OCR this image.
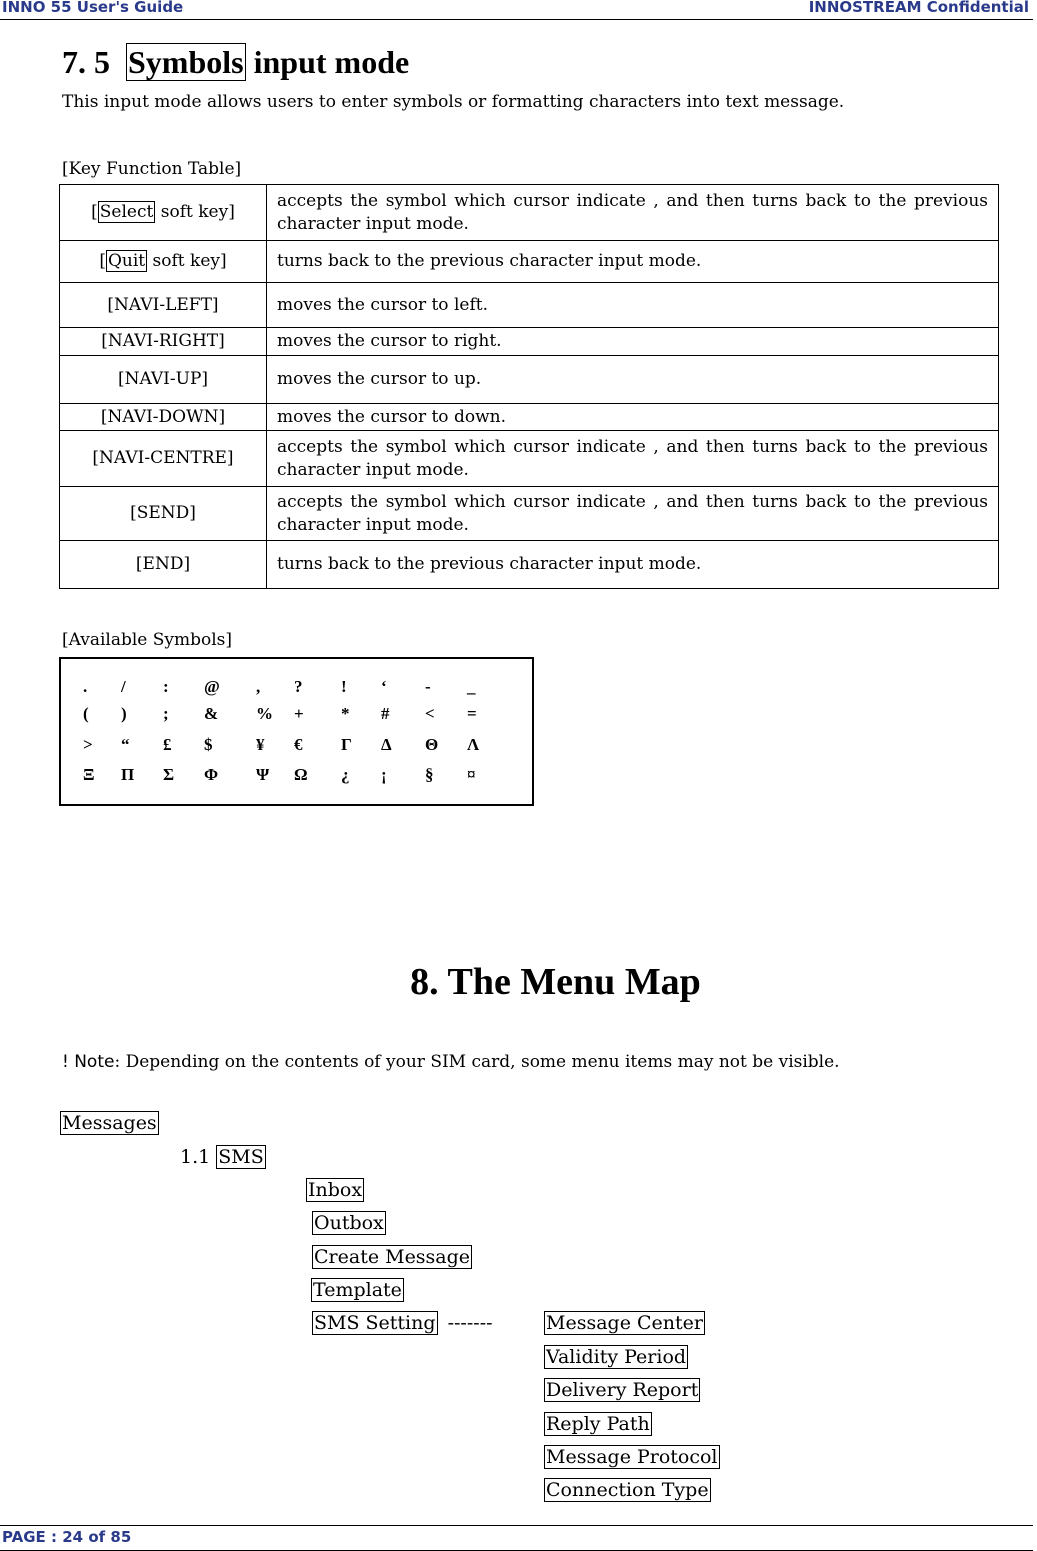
INNO 55 User's Guide	INNOSTREAM Confidential
7. 5 Symbols input mode
This input mode allows users to enter symbols or formatting characters into text message.
[Key Function Table]
[ Select soft key]	accepts the symbol which cursor indicate , and then turns back to the previous character input mode.
[ Quit soft key]	turns back to the previous character input mode.
[NAVI-LEFT]	moves the cursor to left.
[NAVI-RIGHT]	moves the cursor to right.
[NAVI-UP]	moves the cursor to up.
[NAVI-DOWN]	moves the cursor to down.
[NAVI-CENTRE]	accepts the symbol which cursor indicate , and then turns back to the previous character input mode.
[SEND]	accepts the symbol which cursor indicate , and then turns back to the previous character input mode.
[END]	turns back to the previous character input mode.
[Available Symbols]
. / : @ , ? ! ‘ - _
( ) ; & % + * # < =
> “ £ $	¥ € Γ Δ Θ Λ
Ξ Π Σ Φ Ψ Ω ¿ ¡ § ¤
8. The Menu Map
! Note: Depending on the contents of your SIM card, some menu items may not be visible.
Messages
1.1 SMS
Inbox
Outbox
Create Message
Template
SMS Setting -------	Message Center
Validity Period
Delivery Report
Reply Path
Message Protocol
Connection Type
PAGE : 24 of 85
